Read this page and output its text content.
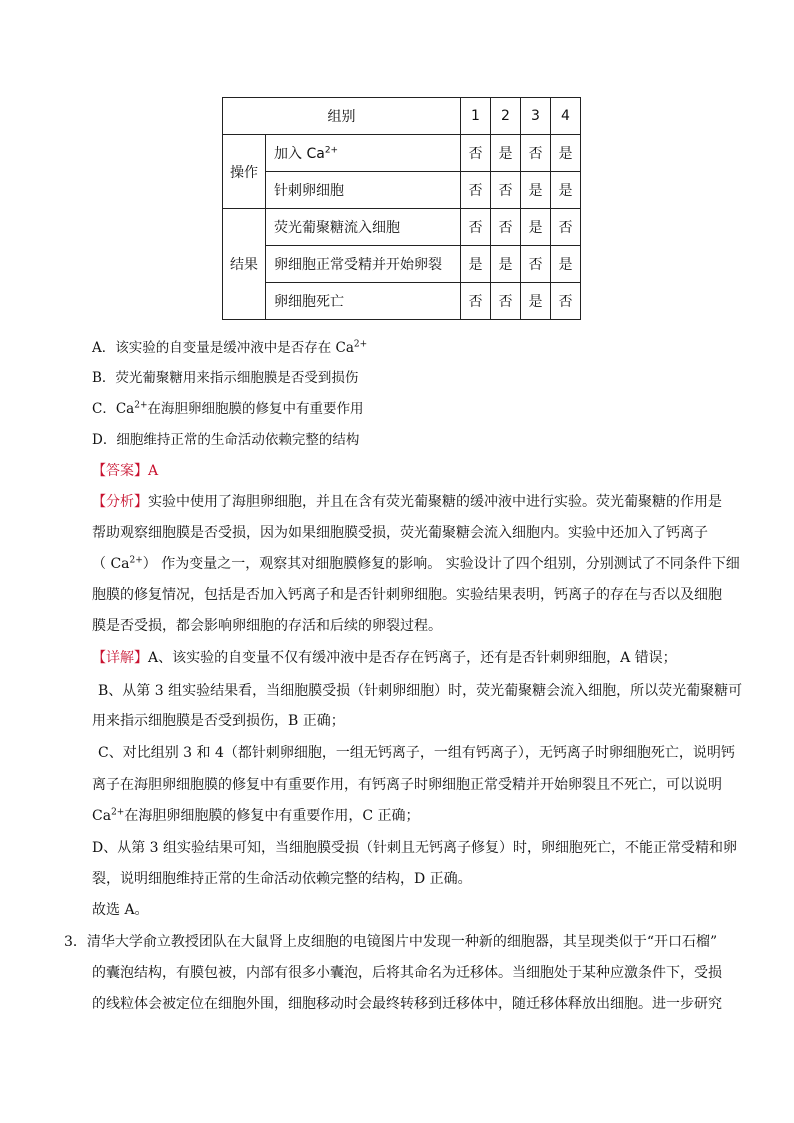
组别		1	2	3	4
操作	加入 $Ca^{2+}$	否	是	否	是
	针刺卵细胞	否	否	是	是
结果	荧光葡聚糖流入细胞	否	否	是	否
	卵细胞正常受精并开始卵裂	是	是	否	是
	卵细胞死亡	否	否	是	否
A．该实验的自变量是缓冲液中是否存在 $Ca^{2+}$
B．荧光葡聚糖用来指示细胞膜是否受到损伤
C．$Ca^{2+}$在海胆卵细胞膜的修复中有重要作用
D．细胞维持正常的生命活动依赖完整的结构
【答案】A
【分析】实验中使用了海胆卵细胞，并且在含有荧光葡聚糖的缓冲液中进行实验。荧光葡聚糖的作用是
帮助观察细胞膜是否受损，因为如果细胞膜受损，荧光葡聚糖会流入细胞内。实验中还加入了钙离子
（ $Ca^{2+}$） 作为变量之一，观察其对细胞膜修复的影响。 实验设计了四个组别，分别测试了不同条件下细
胞膜的修复情况，包括是否加入钙离子和是否针刺卵细胞。实验结果表明，钙离子的存在与否以及细胞
膜是否受损，都会影响卵细胞的存活和后续的卵裂过程。
【详解】A、该实验的自变量不仅有缓冲液中是否存在钙离子，还有是否针刺卵细胞，A 错误；
B、从第 3 组实验结果看，当细胞膜受损（针刺卵细胞）时，荧光葡聚糖会流入细胞，所以荧光葡聚糖可
用来指示细胞膜是否受到损伤，B 正确；
C、对比组别 3 和 4（都针刺卵细胞，一组无钙离子，一组有钙离子），无钙离子时卵细胞死亡，说明钙
离子在海胆卵细胞膜的修复中有重要作用，有钙离子时卵细胞正常受精并开始卵裂且不死亡，可以说明
$Ca^{2+}$在海胆卵细胞膜的修复中有重要作用，C 正确；
D、从第 3 组实验结果可知，当细胞膜受损（针刺且无钙离子修复）时，卵细胞死亡，不能正常受精和卵
裂，说明细胞维持正常的生命活动依赖完整的结构，D 正确。
故选 A。
3．清华大学俞立教授团队在大鼠肾上皮细胞的电镜图片中发现一种新的细胞器，其呈现类似于“开口石榴”
的囊泡结构，有膜包被，内部有很多小囊泡，后将其命名为迁移体。当细胞处于某种应激条件下，受损
的线粒体会被定位在细胞外围，细胞移动时会最终转移到迁移体中，随迁移体释放出细胞。进一步研究
